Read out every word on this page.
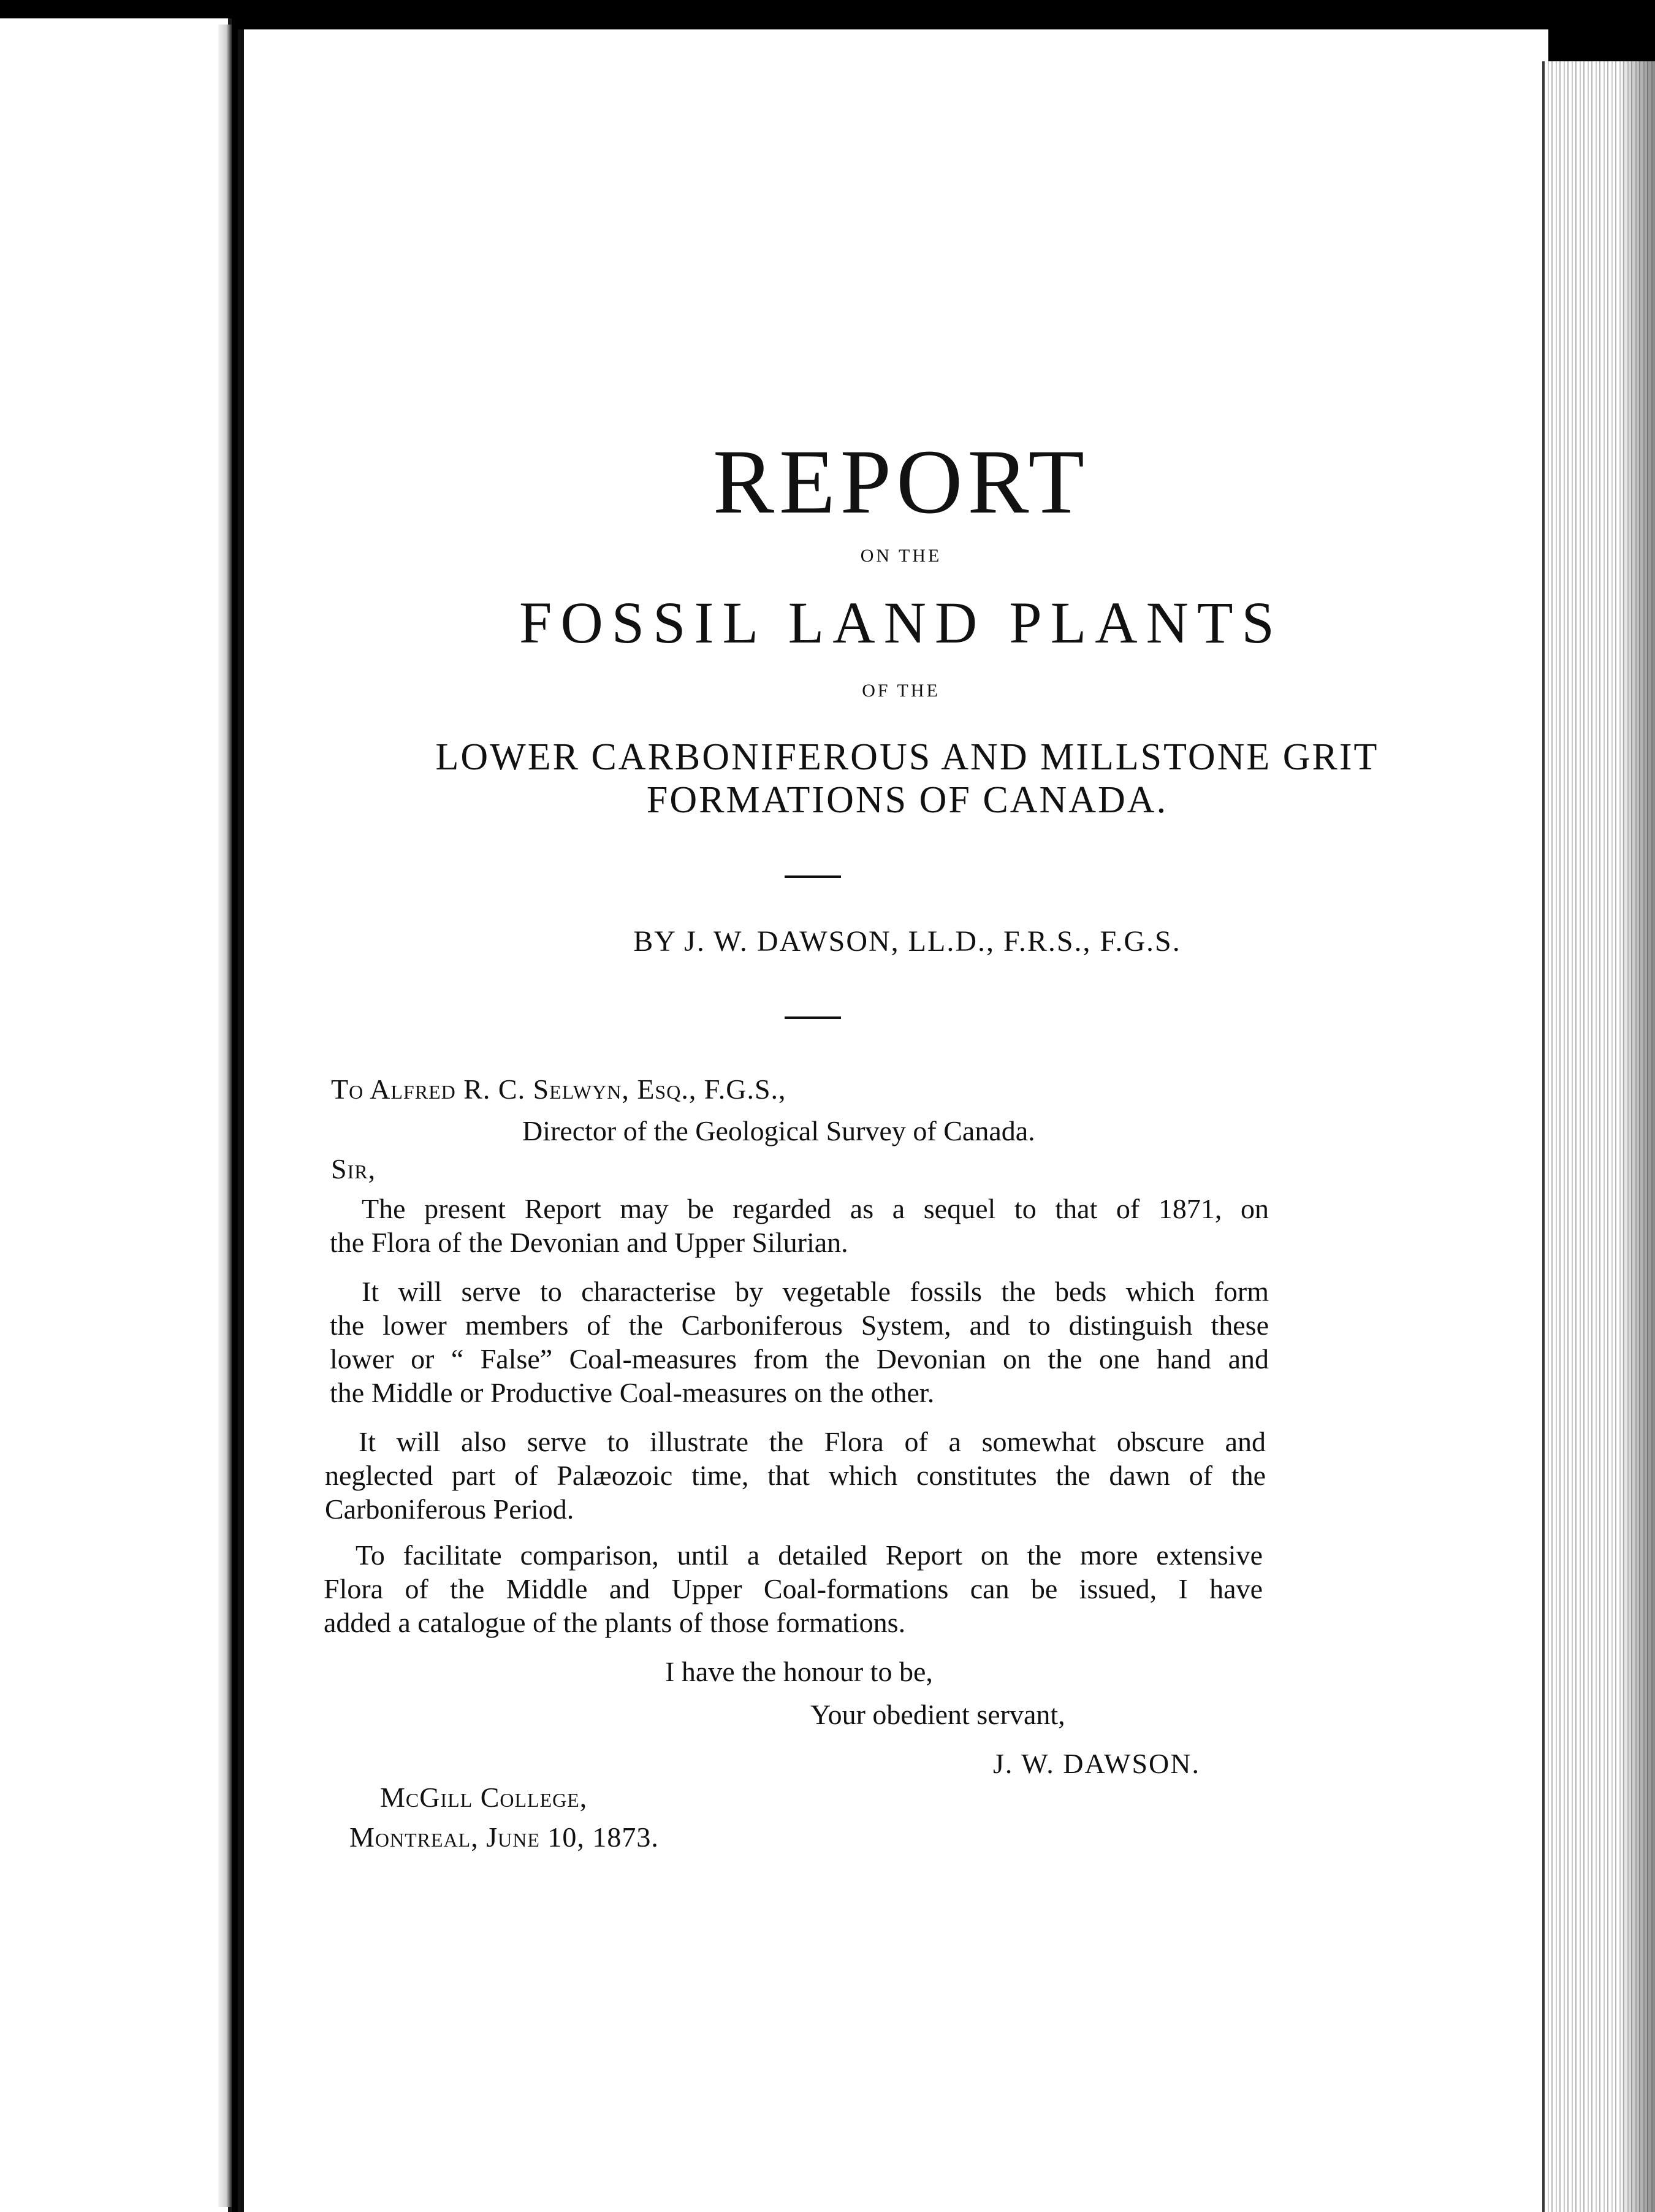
REPORT
ON THE
FOSSIL LAND PLANTS
OF THE
LOWER CARBONIFEROUS AND MILLSTONE GRIT
FORMATIONS OF CANADA.
BY J. W. DAWSON, LL.D., F.R.S., F.G.S.
To Alfred R. C. Selwyn, Esq., F.G.S.,
Director of the Geological Survey of Canada.
Sir,
The present Report may be regarded as a sequel to that of 1871, on
the Flora of the Devonian and Upper Silurian.
It will serve to characterise by vegetable fossils the beds which form
the lower members of the Carboniferous System, and to distinguish these
lower or “ False” Coal-measures from the Devonian on the one hand and
the Middle or Productive Coal-measures on the other.
It will also serve to illustrate the Flora of a somewhat obscure and
neglected part of Palæozoic time, that which constitutes the dawn of the
Carboniferous Period.
To facilitate comparison, until a detailed Report on the more extensive
Flora of the Middle and Upper Coal-formations can be issued, I have
added a catalogue of the plants of those formations.
I have the honour to be,
Your obedient servant,
J. W. DAWSON.
McGill College,
Montreal, June 10, 1873.
